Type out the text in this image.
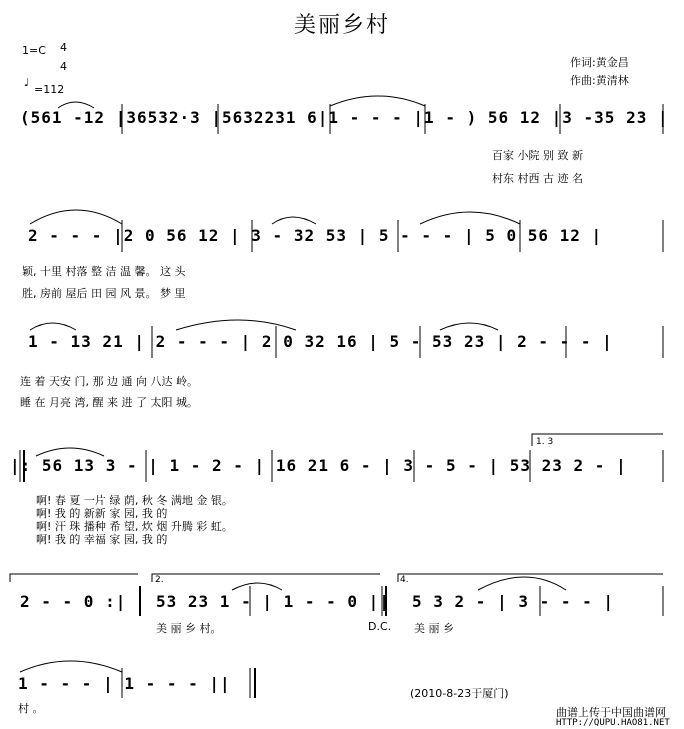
美丽乡村
1=C 4
4
♩
=112
作词:黄金昌
作曲:黄清林
(561 -12 |36532·3 |5632231 6|1 - - - |1 - ) 56 12 |3 -35 23 |
百家 小院 别 致 新
村东 村西 古 迹 名
2 - - - |2 0 56 12 | 3 - 32 53 | 5 - - - | 5 0 56 12 |
颖, 十里 村落 整 洁 温 馨。 这 头
胜, 房前 屋后 田 园 风 景。 梦 里
1 - 13 21 | 2 - - - | 2 0 32 16 | 5 - 53 23 | 2 - - - |
连 着 天安 门, 那 边 通 向 八达 岭。
睡 在 月亮 湾, 醒 来 进 了 太阳 城。
1. 3
|: 56 13 3 - | 1 - 2 - | 16 21 6 - | 3 - 5 - | 53 23 2 - |
啊! 春 夏 一片 绿 荫, 秋 冬 满地 金 银。
啊! 我 的 新新 家 园, 我 的
啊! 汗 珠 播种 希 望, 炊 烟 升腾 彩 虹。
啊! 我 的 幸福 家 园, 我 的
2 - - 0 :|
2.
53 23 1 - | 1 - - 0 ||
4.
5 3 2 - | 3 - - - |
美 丽 乡 村。	D.C. 美 丽 乡
1 - - - | 1 - - - ||
村 。
(2010-8-23于厦门)
曲谱上传于中国曲谱网
HTTP://QUPU.HAO81.NET
